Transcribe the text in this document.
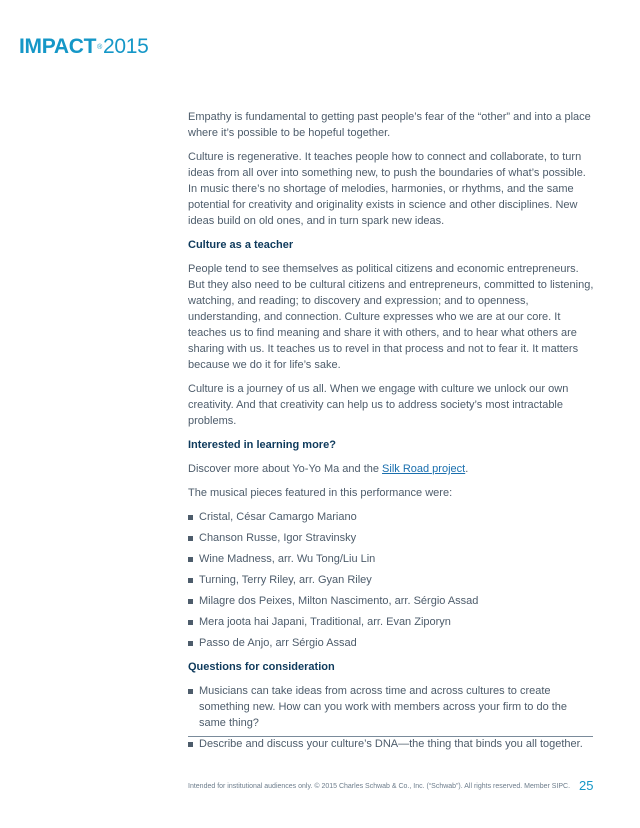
IMPACT®2015

Empathy is fundamental to getting past people’s fear of the “other” and into a place where it’s possible to be hopeful together.

Culture is regenerative. It teaches people how to connect and collaborate, to turn ideas from all over into something new, to push the boundaries of what’s possible. In music there’s no shortage of melodies, harmonies, or rhythms, and the same potential for creativity and originality exists in science and other disciplines. New ideas build on old ones, and in turn spark new ideas.

Culture as a teacher

People tend to see themselves as political citizens and economic entrepreneurs. But they also need to be cultural citizens and entrepreneurs, committed to listening, watching, and reading; to discovery and expression; and to openness, understanding, and connection. Culture expresses who we are at our core. It teaches us to find meaning and share it with others, and to hear what others are sharing with us. It teaches us to revel in that process and not to fear it. It matters because we do it for life’s sake.

Culture is a journey of us all. When we engage with culture we unlock our own creativity. And that creativity can help us to address society’s most intractable problems.

Interested in learning more?

Discover more about Yo-Yo Ma and the Silk Road project.

The musical pieces featured in this performance were:

Cristal, César Camargo Mariano
Chanson Russe, Igor Stravinsky
Wine Madness, arr. Wu Tong/Liu Lin
Turning, Terry Riley, arr. Gyan Riley
Milagre dos Peixes, Milton Nascimento, arr. Sérgio Assad
Mera joota hai Japani, Traditional, arr. Evan Ziporyn
Passo de Anjo, arr Sérgio Assad
Questions for consideration
Musicians can take ideas from across time and across cultures to create something new. How can you work with members across your firm to do the same thing?
Describe and discuss your culture’s DNA—the thing that binds you all together.
Intended for institutional audiences only. © 2015 Charles Schwab & Co., Inc. (“Schwab”). All rights reserved. Member SIPC. 25
